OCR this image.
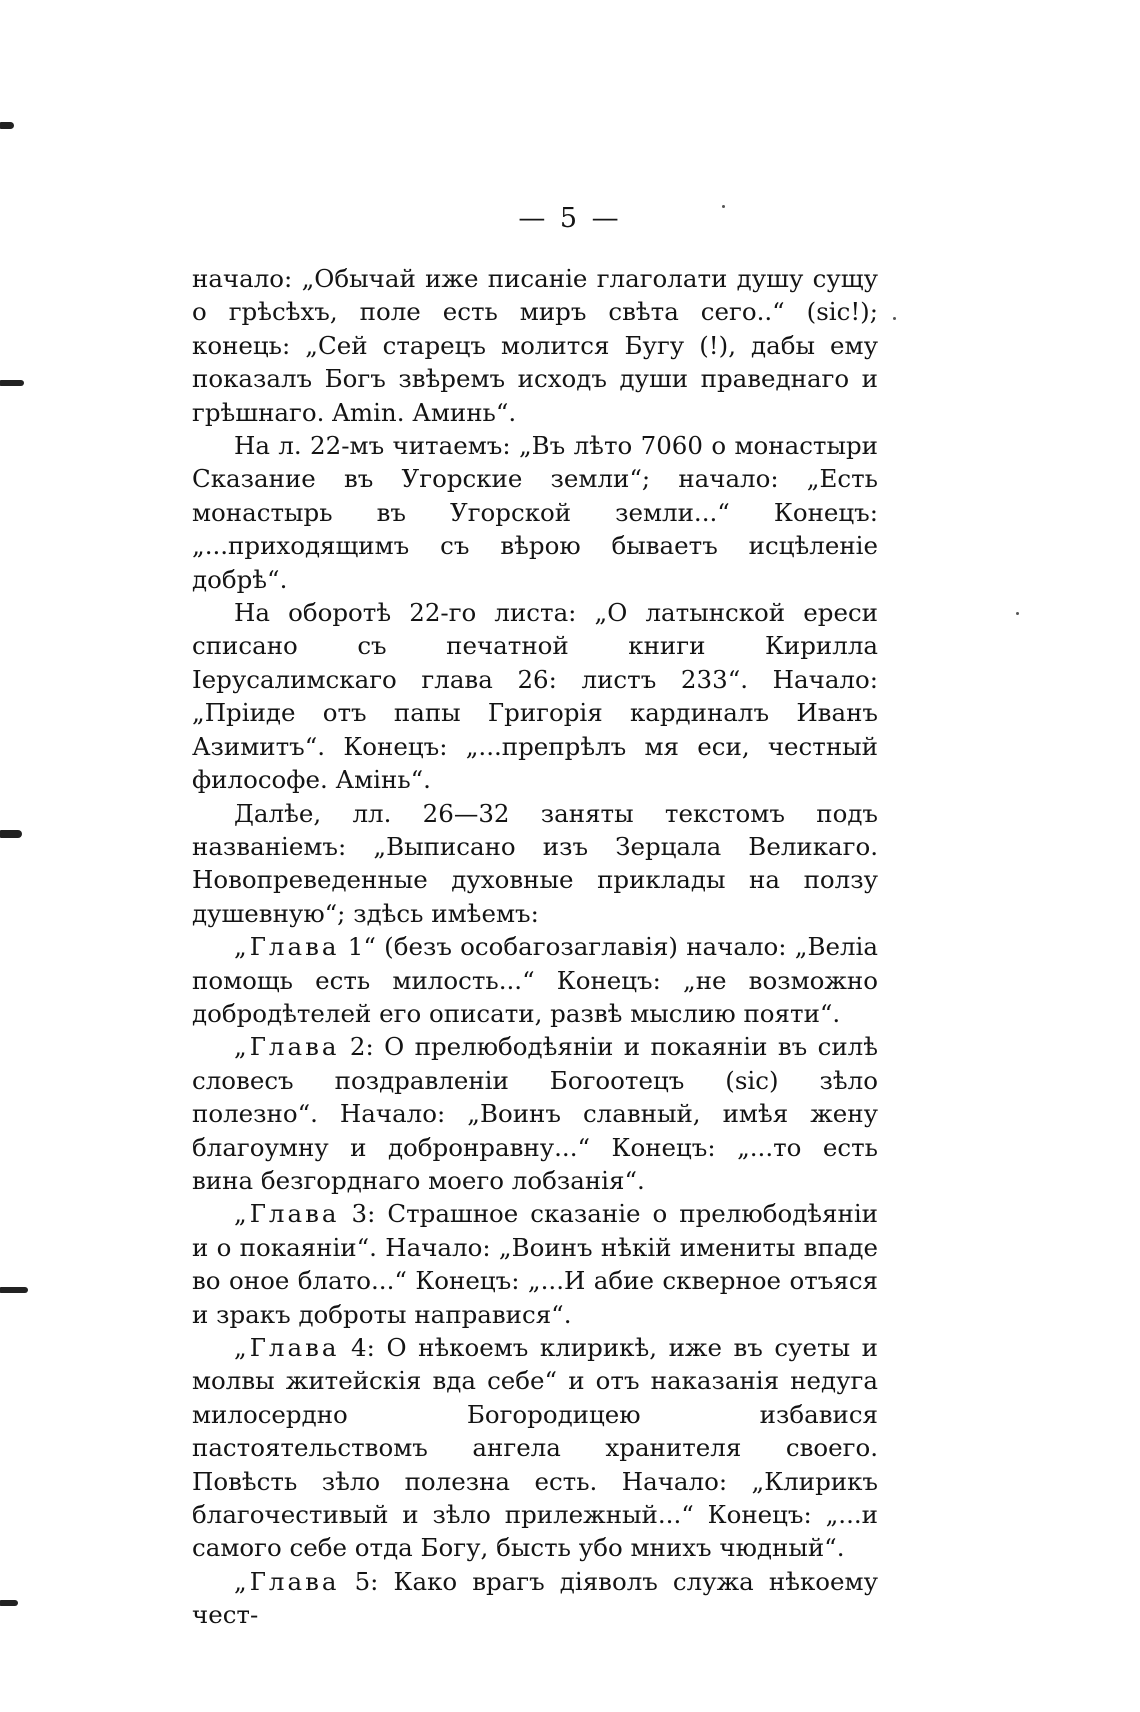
— 5 —

начало: „Обычай иже писаніе глаголати душу сущу о грѣсѣхъ, поле есть миръ свѣта сего..“ (sic!); конець: „Сей старецъ молится Бугу (!), дабы ему показалъ Богъ звѣремъ исходъ души праведнаго и грѣшнаго. Amin. Аминь“.

На л. 22-мъ читаемъ: „Въ лѣто 7060 о монастыри Сказание въ Угорские земли“; начало: „Есть монастырь въ Угорской земли...“ Конецъ: „...приходящимъ съ вѣрою бываетъ исцѣленіе добрѣ“.

На оборотѣ 22-го листа: „О латынской ереси списано съ печатной книги Кирилла Іерусалимскаго глава 26: листъ 233“. Начало: „Пріиде отъ папы Григорія кардиналъ Иванъ Азимитъ“. Конецъ: „...препрѣлъ мя еси, честный философе. Амінь“.

Далѣе, лл. 26—32 заняты текстомъ подъ названіемъ: „Выписано изъ Зерцала Великаго. Новопреведенные духовные приклады на ползу душевную“; здѣсь имѣемъ:

„Глава 1“ (безъ особагозаглавія) начало: „Веліа помощь есть милость...“ Конецъ: „не возможно добродѣтелей его описати, развѣ мыслию пояти“.

„Глава 2: О прелюбодѣяніи и покаяніи въ силѣ словесъ поздравленіи Богоотецъ (sic) зѣло полезно“. Начало: „Воинъ славный, имѣя жену благоумну и добронравну...“ Конецъ: „...то есть вина безгорднаго моего лобзанія“.

„Глава 3: Страшное сказаніе о прелюбодѣяніи и о покаяніи“. Начало: „Воинъ нѣкій имениты впаде во оное блато...“ Конецъ: „...И абие скверное отъяся и зракъ доброты направися“.

„Глава 4: О нѣкоемъ клирикѣ, иже въ суеты и молвы житейскія вда себе“ и отъ наказанія недуга милосердно Богородицею избавися пастоятельствомъ ангела хранителя своего. Повѣсть зѣло полезна есть. Начало: „Клирикъ благочестивый и зѣло прилежный...“ Конецъ: „...и самого себе отда Богу, бысть убо мнихъ чюдный“.

„Глава 5: Како врагъ діяволъ служа нѣкоему чест-
